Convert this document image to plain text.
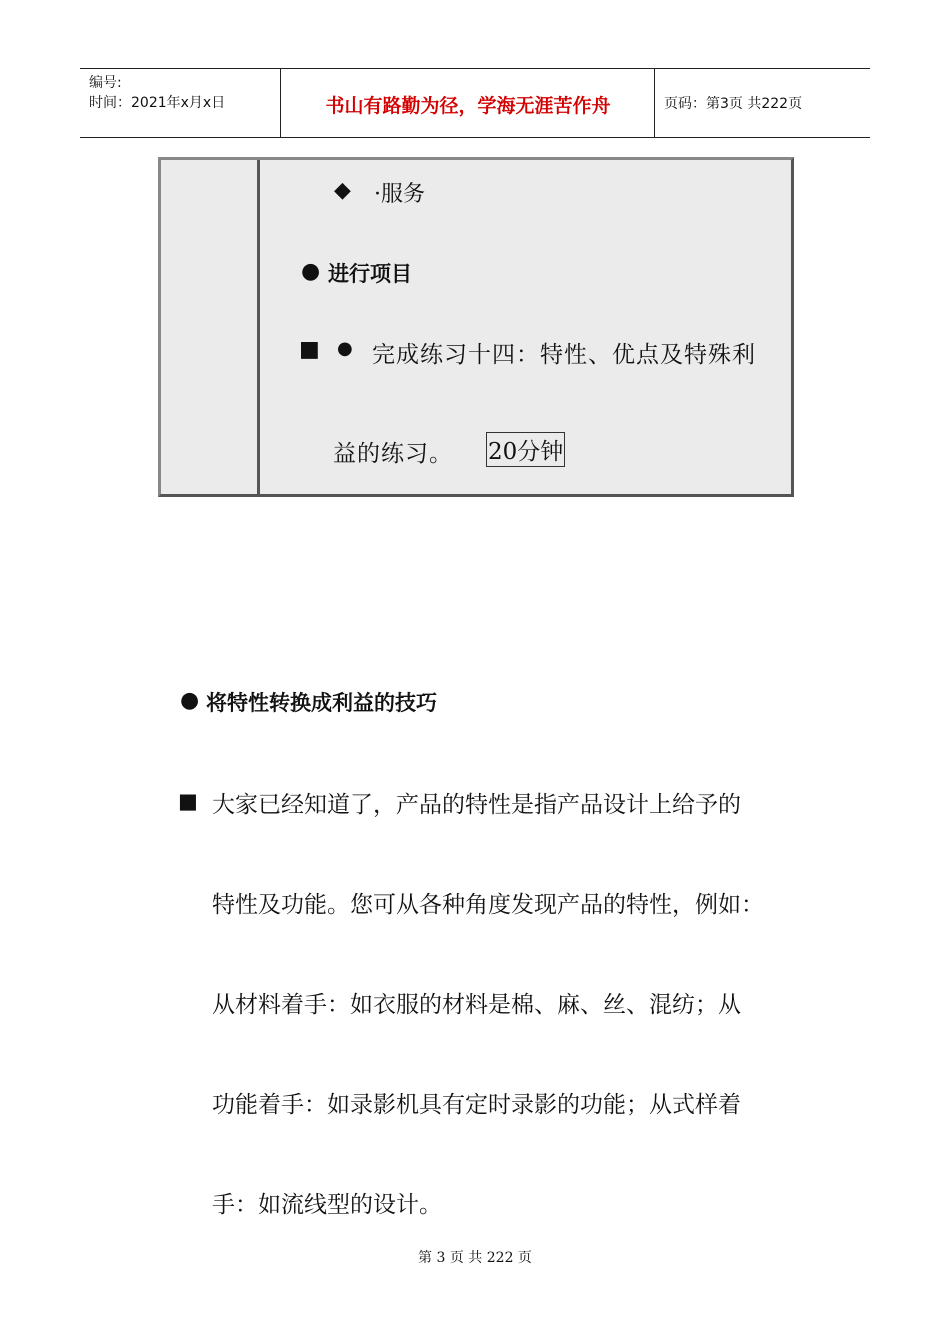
编号:
时间：2021年x月x日	书山有路勤为径，学海无涯苦作舟	页码：第3页 共222页
◆ ·服务
● 进行项目
■ ● 完成练习十四：特性、优点及特殊利
益的练习。 20分钟
● 将特性转换成利益的技巧
■ 大家已经知道了，产品的特性是指产品设计上给予的
特性及功能。您可从各种角度发现产品的特性，例如：
从材料着手：如衣服的材料是棉、麻、丝、混纺；从
功能着手：如录影机具有定时录影的功能；从式样着
手：如流线型的设计。
第 3 页 共 222 页
